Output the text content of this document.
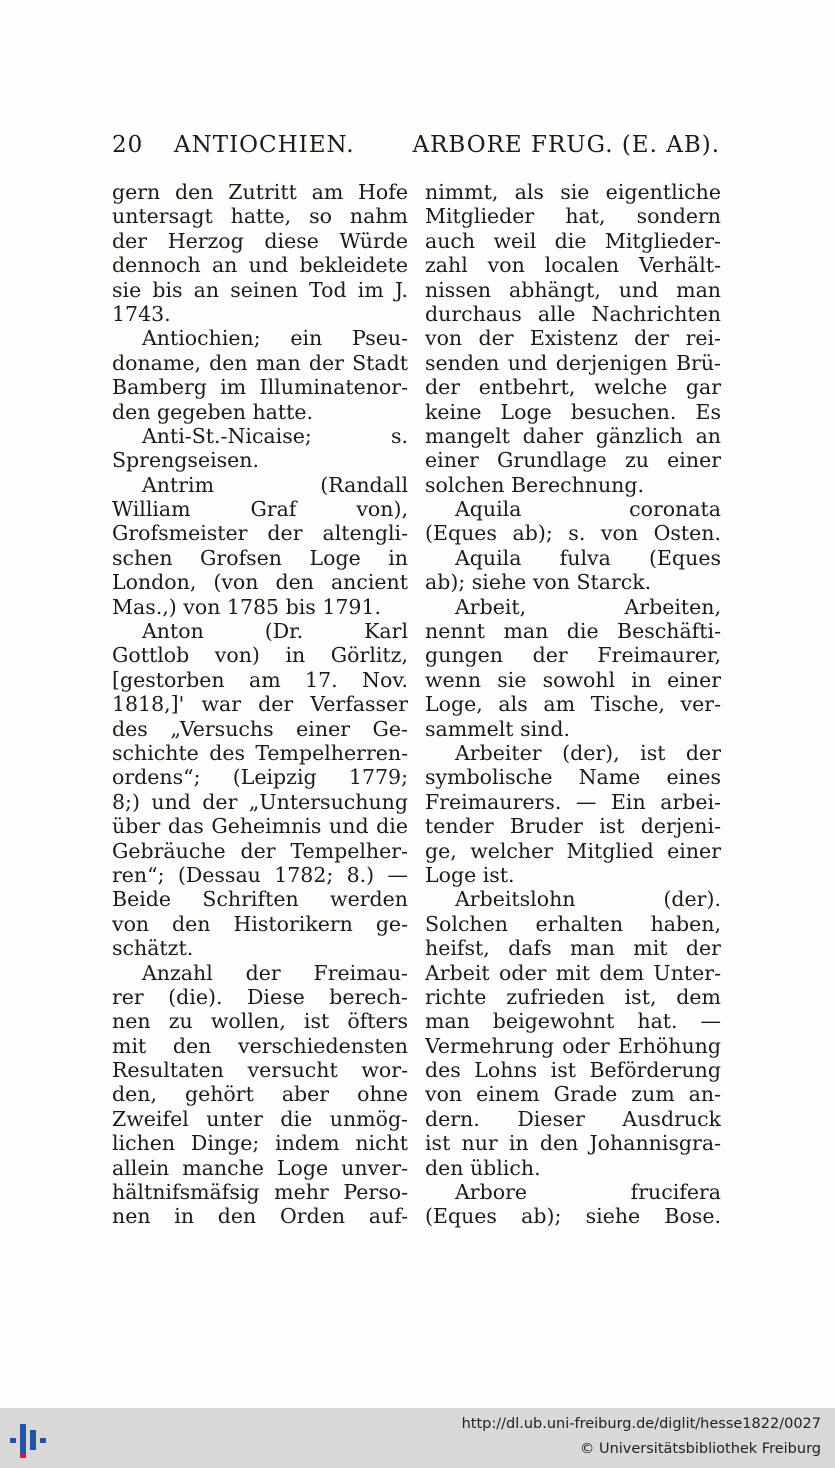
20 ANTIOCHIEN.	ARBORE FRUG. (E. AB).
gern den Zutritt am Hofe
untersagt hatte, so nahm
der Herzog diese Würde
dennoch an und bekleidete
sie bis an seinen Tod im J.
1743.
Antiochien; ein Pseu-
doname, den man der Stadt
Bamberg im Illuminatenor-
den gegeben hatte.
Anti-St.-Nicaise; s.
Sprengseisen.
Antrim (Randall
William Graf von),
Grofsmeister der altengli-
schen Grofsen Loge in
London, (von den ancient
Mas.,) von 1785 bis 1791.
Anton (Dr. Karl
Gottlob von) in Görlitz,
[gestorben am 17. Nov.
1818,]' war der Verfasser
des „Versuchs einer Ge-
schichte des Tempelherren-
ordens“; (Leipzig 1779;
8;) und der „Untersuchung
über das Geheimnis und die
Gebräuche der Tempelher-
ren“; (Dessau 1782; 8.) —
Beide Schriften werden
von den Historikern ge-
schätzt.
Anzahl der Freimau-
rer (die). Diese berech-
nen zu wollen, ist öfters
mit den verschiedensten
Resultaten versucht wor-
den, gehört aber ohne
Zweifel unter die unmög-
lichen Dinge; indem nicht
allein manche Loge unver-
hältnifsmäfsig mehr Perso-
nen in den Orden auf-
nimmt, als sie eigentliche
Mitglieder hat, sondern
auch weil die Mitglieder-
zahl von localen Verhält-
nissen abhängt, und man
durchaus alle Nachrichten
von der Existenz der rei-
senden und derjenigen Brü-
der entbehrt, welche gar
keine Loge besuchen. Es
mangelt daher gänzlich an
einer Grundlage zu einer
solchen Berechnung.
Aquila coronata
(Eques ab); s. von Osten.
Aquila fulva (Eques
ab); siehe von Starck.
Arbeit, Arbeiten,
nennt man die Beschäfti-
gungen der Freimaurer,
wenn sie sowohl in einer
Loge, als am Tische, ver-
sammelt sind.
Arbeiter (der), ist der
symbolische Name eines
Freimaurers. — Ein arbei-
tender Bruder ist derjeni-
ge, welcher Mitglied einer
Loge ist.
Arbeitslohn (der).
Solchen erhalten haben,
heifst, dafs man mit der
Arbeit oder mit dem Unter-
richte zufrieden ist, dem
man beigewohnt hat. —
Vermehrung oder Erhöhung
des Lohns ist Beförderung
von einem Grade zum an-
dern. Dieser Ausdruck
ist nur in den Johannisgra-
den üblich.
Arbore frucifera
(Eques ab); siehe Bose.
http://dl.ub.uni-freiburg.de/diglit/hesse1822/0027
© Universitätsbibliothek Freiburg
